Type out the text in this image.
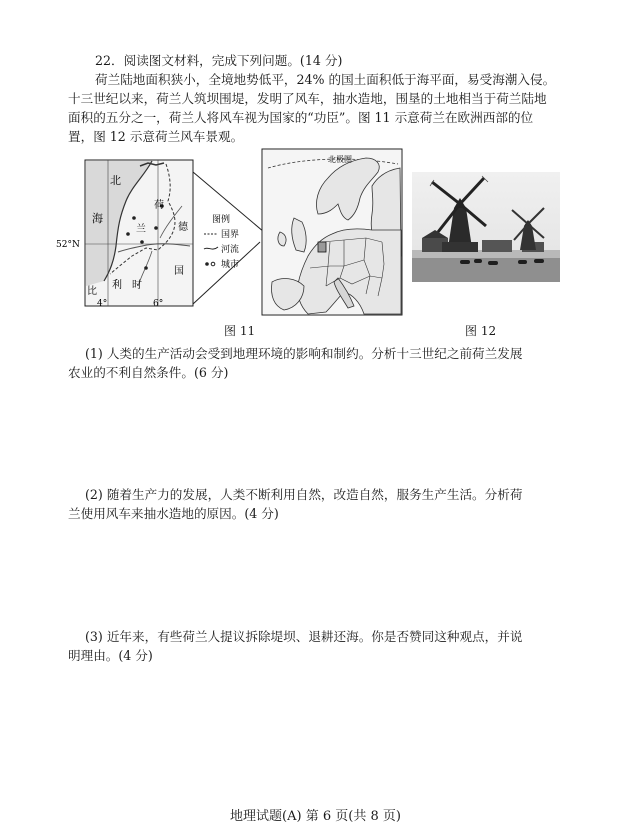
22．阅读图文材料，完成下列问题。(14 分)
荷兰陆地面积狭小，全境地势低平，24% 的国土面积低于海平面，易受海潮入侵。
十三世纪以来，荷兰人筑坝围堤，发明了风车，抽水造地，围垦的土地相当于荷兰陆地
面积的五分之一，荷兰人将风车视为国家的“功臣”。图 11 示意荷兰在欧洲西部的位
置，图 12 示意荷兰风车景观。
北
海
荷
兰	德
国
比
利 时
52°N
4°	6°
图例
国界
河流
城市
北极圈
图 11	图 12
(1) 人类的生产活动会受到地理环境的影响和制约。分析十三世纪之前荷兰发展
农业的不利自然条件。(6 分)
(2) 随着生产力的发展，人类不断利用自然，改造自然，服务生产生活。分析荷
兰使用风车来抽水造地的原因。(4 分)
(3) 近年来，有些荷兰人提议拆除堤坝、退耕还海。你是否赞同这种观点，并说
明理由。(4 分)
地理试题(A) 第 6 页(共 8 页)
